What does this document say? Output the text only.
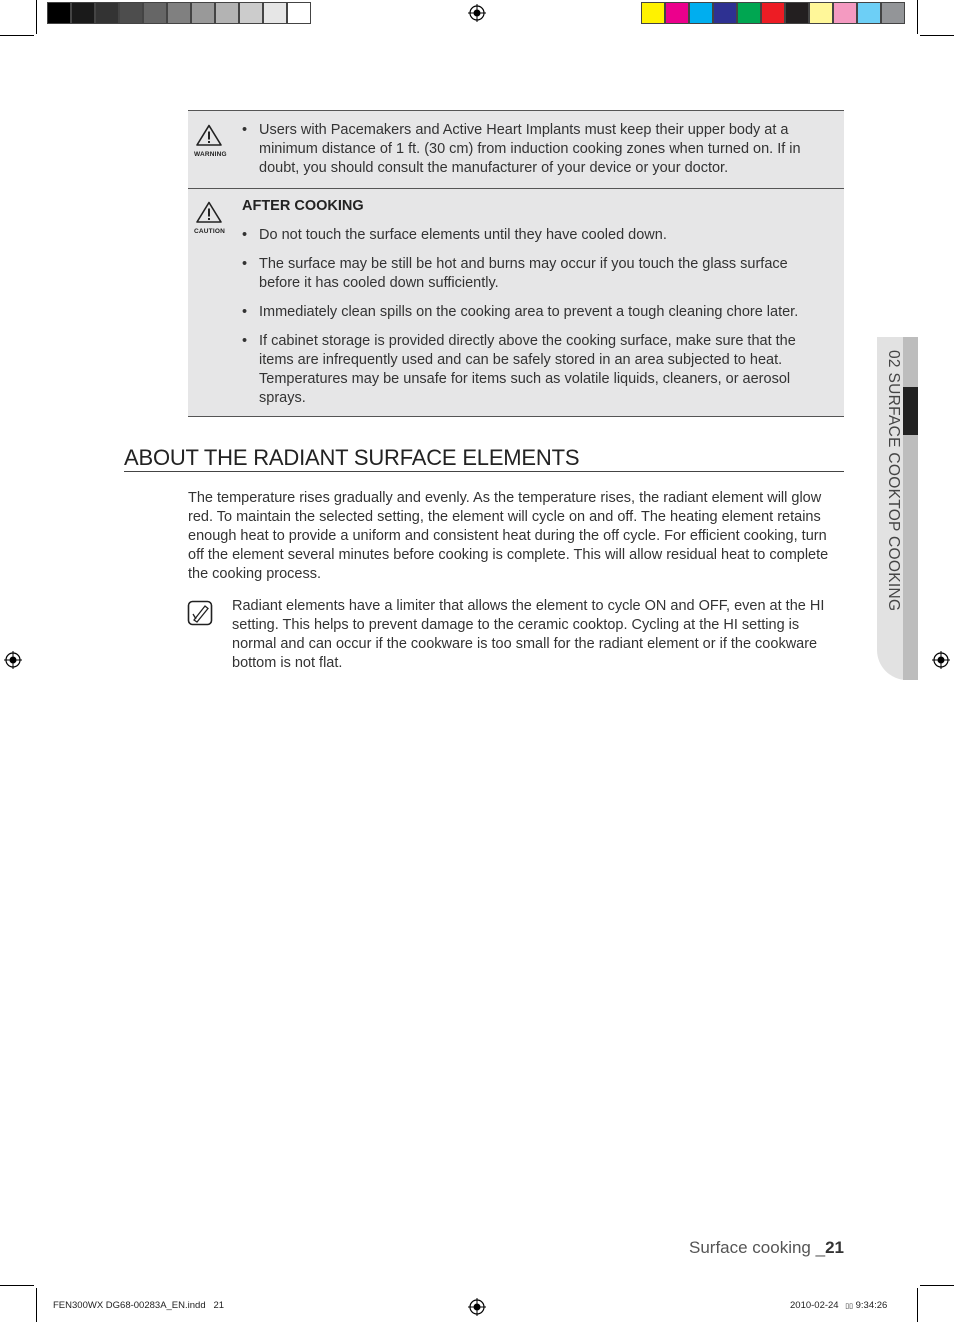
WARNING
• Users with Pacemakers and Active Heart Implants must keep their upper body at a minimum distance of 1 ft. (30 cm) from induction cooking zones when turned on. If in doubt, you should consult the manufacturer of your device or your doctor.
CAUTION
AFTER COOKING
• Do not touch the surface elements until they have cooled down.
• The surface may be still be hot and burns may occur if you touch the glass surface before it has cooled down sufficiently.
• Immediately clean spills on the cooking area to prevent a tough cleaning chore later.
• If cabinet storage is provided directly above the cooking surface, make sure that the items are infrequently used and can be safely stored in an area subjected to heat. Temperatures may be unsafe for items such as volatile liquids, cleaners, or aerosol sprays.
ABOUT THE RADIANT SURFACE ELEMENTS
The temperature rises gradually and evenly. As the temperature rises, the radiant element will glow red. To maintain the selected setting, the element will cycle on and off. The heating element retains enough heat to provide a uniform and consistent heat during the off cycle. For efficient cooking, turn off the element several minutes before cooking is complete. This will allow residual heat to complete the cooking process.
Radiant elements have a limiter that allows the element to cycle ON and OFF, even at the HI setting. This helps to prevent damage to the ceramic cooktop. Cycling at the HI setting is normal and can occur if the cookware is too small for the radiant element or if the cookware bottom is not flat.
02 SURFACE COOKTOP COOKING
Surface cooking _21
FEN300WX DG68-00283A_EN.indd   21	2010-02-24 ▯▯ 9:34:26
